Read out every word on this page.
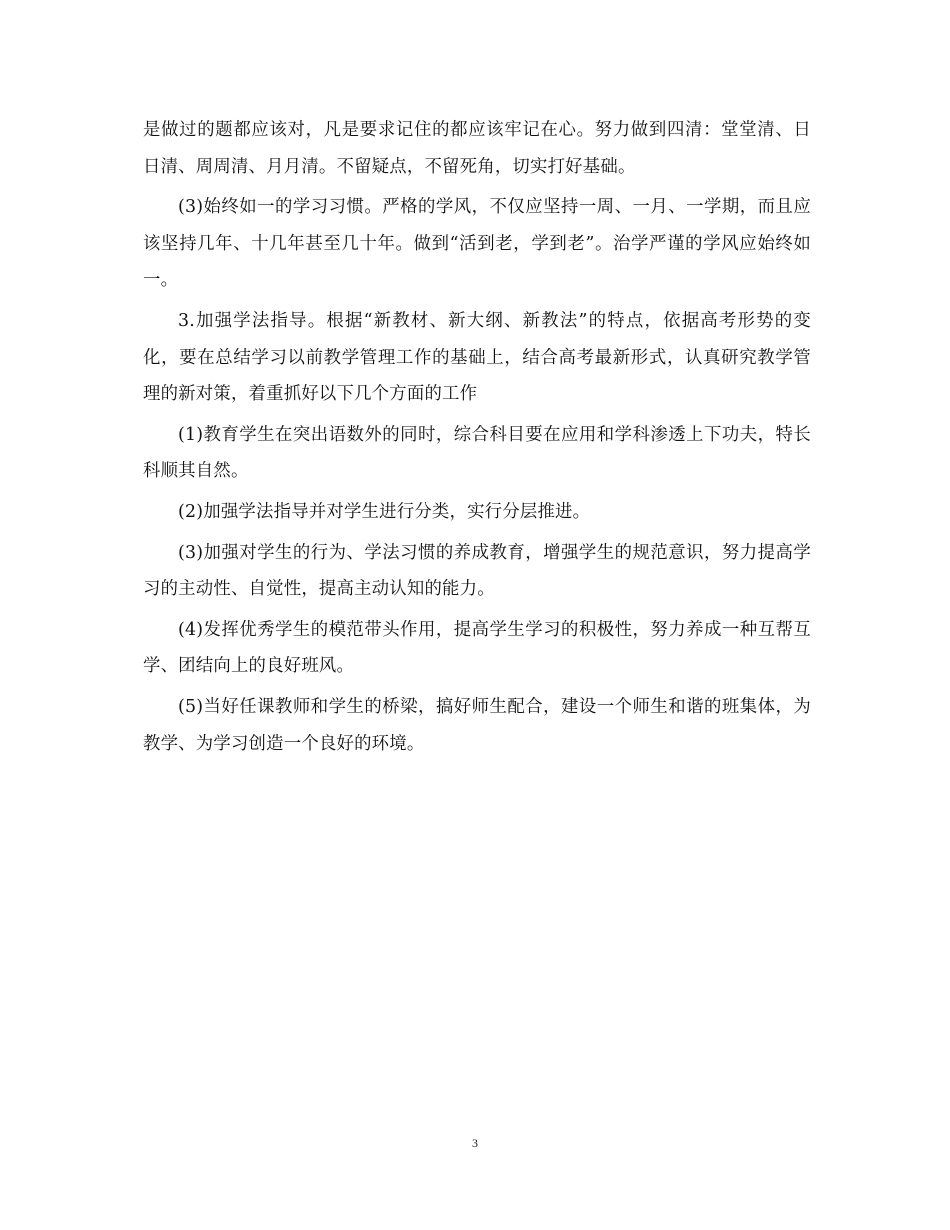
是做过的题都应该对，凡是要求记住的都应该牢记在心。努力做到四清：堂堂清、日日清、周周清、月月清。不留疑点，不留死角，切实打好基础。

(3)始终如一的学习习惯。严格的学风，不仅应坚持一周、一月、一学期，而且应该坚持几年、十几年甚至几十年。做到“活到老，学到老”。治学严谨的学风应始终如一。

3.加强学法指导。根据“新教材、新大纲、新教法”的特点，依据高考形势的变化，要在总结学习以前教学管理工作的基础上，结合高考最新形式，认真研究教学管理的新对策，着重抓好以下几个方面的工作

(1)教育学生在突出语数外的同时，综合科目要在应用和学科渗透上下功夫，特长科顺其自然。

(2)加强学法指导并对学生进行分类，实行分层推进。

(3)加强对学生的行为、学法习惯的养成教育，增强学生的规范意识，努力提高学习的主动性、自觉性，提高主动认知的能力。

(4)发挥优秀学生的模范带头作用，提高学生学习的积极性，努力养成一种互帮互学、团结向上的良好班风。

(5)当好任课教师和学生的桥梁，搞好师生配合，建设一个师生和谐的班集体，为教学、为学习创造一个良好的环境。

3
